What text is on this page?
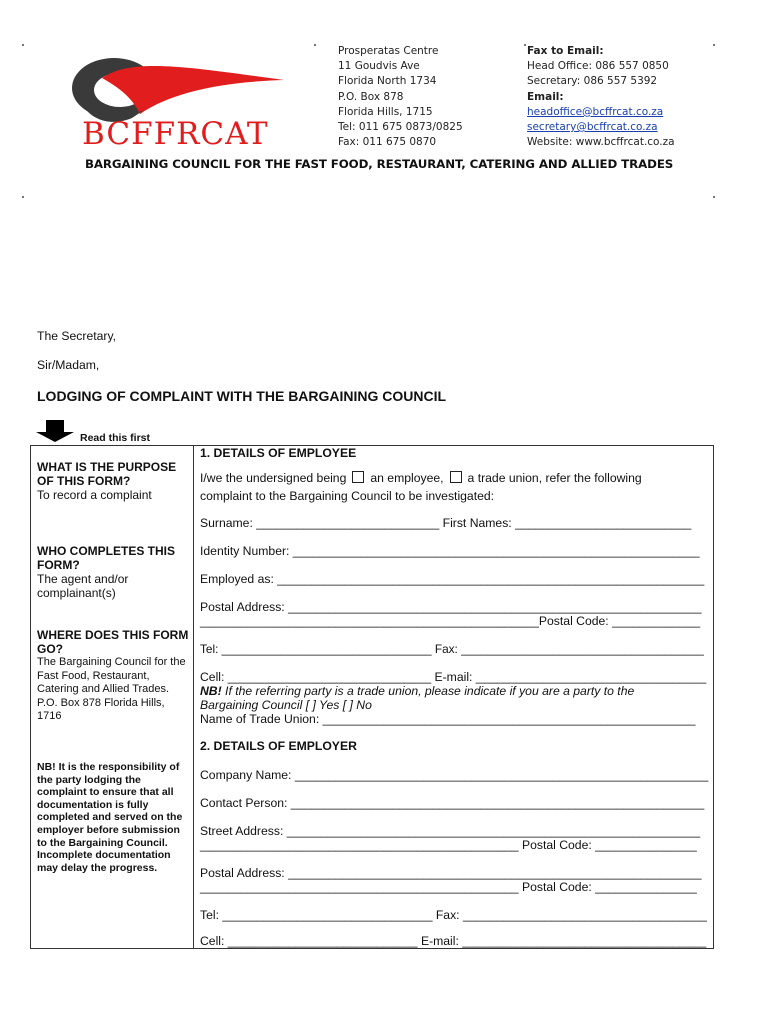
BCFFRCAT
Prosperatas Centre
11 Goudvis Ave
Florida North 1734
P.O. Box 878
Florida Hills, 1715
Tel: 011 675 0873/0825
Fax: 011 675 0870
Fax to Email:
Head Office: 086 557 0850
Secretary: 086 557 5392
Email:
headoffice@bcffrcat.co.za
secretary@bcffrcat.co.za
Website: www.bcffrcat.co.za
BARGAINING COUNCIL FOR THE FAST FOOD, RESTAURANT, CATERING AND ALLIED TRADES
The Secretary,
Sir/Madam,
LODGING OF COMPLAINT WITH THE BARGAINING COUNCIL
Read this first
WHAT IS THE PURPOSE OF THIS FORM?
To record a complaint
WHO COMPLETES THIS FORM?
The agent and/or complainant(s)
WHERE DOES THIS FORM GO?
The Bargaining Council for the Fast Food, Restaurant, Catering and Allied Trades.
P.O. Box 878 Florida Hills, 1716
NB! It is the responsibility of the party lodging the complaint to ensure that all documentation is fully completed and served on the employer before submission to the Bargaining Council. Incomplete documentation may delay the progress.
1. DETAILS OF EMPLOYEE
I/we the undersigned being an employee, a trade union, refer the following
complaint to the Bargaining Council to be investigated:
Surname: ___________________________ First Names: __________________________
Identity Number: ____________________________________________________________
Employed as: _______________________________________________________________
Postal Address: _____________________________________________________________
__________________________________________________Postal Code: _____________
Tel: ________________________________ Fax: _____________________________________
Cell: ______________________________ E-mail: __________________________________
NB! If the referring party is a trade union, please indicate if you are a party to the
Bargaining Council [ ] Yes [ ] No
Name of Trade Union: _______________________________________________________
2. DETAILS OF EMPLOYER
Company Name: _____________________________________________________________
Contact Person: _____________________________________________________________
Street Address: _____________________________________________________________
_______________________________________________ Postal Code: _______________
Postal Address: _____________________________________________________________
_______________________________________________ Postal Code: _______________
Tel: _______________________________ Fax: ____________________________________
Cell: ____________________________ E-mail: ____________________________________
